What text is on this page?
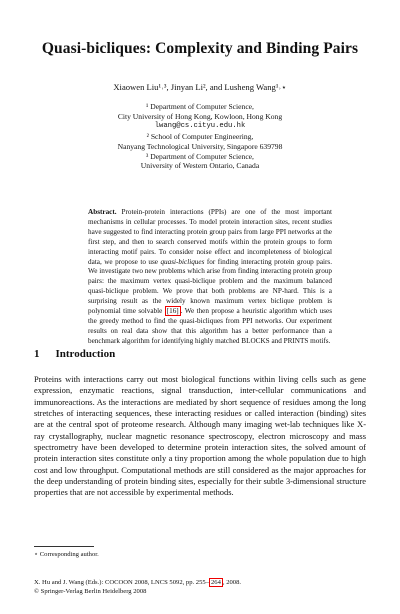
Quasi-bicliques: Complexity and Binding Pairs
Xiaowen Liu¹˒³, Jinyan Li², and Lusheng Wang¹˒⋆
¹ Department of Computer Science,
City University of Hong Kong, Kowloon, Hong Kong
lwang@cs.cityu.edu.hk
² School of Computer Engineering,
Nanyang Technological University, Singapore 639798
³ Department of Computer Science,
University of Western Ontario, Canada
Abstract. Protein-protein interactions (PPIs) are one of the most important mechanisms in cellular processes. To model protein interaction sites, recent studies have suggested to find interacting protein group pairs from large PPI networks at the first step, and then to search conserved motifs within the protein groups to form interacting motif pairs. To consider noise effect and incompleteness of biological data, we propose to use quasi-bicliques for finding interacting protein group pairs. We investigate two new problems which arise from finding interacting protein group pairs: the maximum vertex quasi-biclique problem and the maximum balanced quasi-biclique problem. We prove that both problems are NP-hard. This is a surprising result as the widely known maximum vertex biclique problem is polynomial time solvable [16] . We then propose a heuristic algorithm which uses the greedy method to find the quasi-bicliques from PPI networks. Our experiment results on real data show that this algorithm has a better performance than a benchmark algorithm for identifying highly matched BLOCKS and PRINTS motifs.
1 Introduction
Proteins with interactions carry out most biological functions within living cells such as gene expression, enzymatic reactions, signal transduction, inter-cellular communications and immunoreactions. As the interactions are mediated by short sequence of residues among the long stretches of interacting sequences, these interacting residues or called interaction (binding) sites are at the central spot of proteome research. Although many imaging wet-lab techniques like X-ray crystallography, nuclear magnetic resonance spectroscopy, electron microscopy and mass spectrometry have been developed to determine protein interaction sites, the solved amount of protein interaction sites constitute only a tiny proportion among the whole population due to high cost and low throughput. Computational methods are still considered as the major approaches for the deep understanding of protein binding sites, especially for their subtle 3-dimensional structure properties that are not accessible by experimental methods.
⋆ Corresponding author.
X. Hu and J. Wang (Eds.): COCOON 2008, LNCS 5092, pp. 255– 264 , 2008.
© Springer-Verlag Berlin Heidelberg 2008
